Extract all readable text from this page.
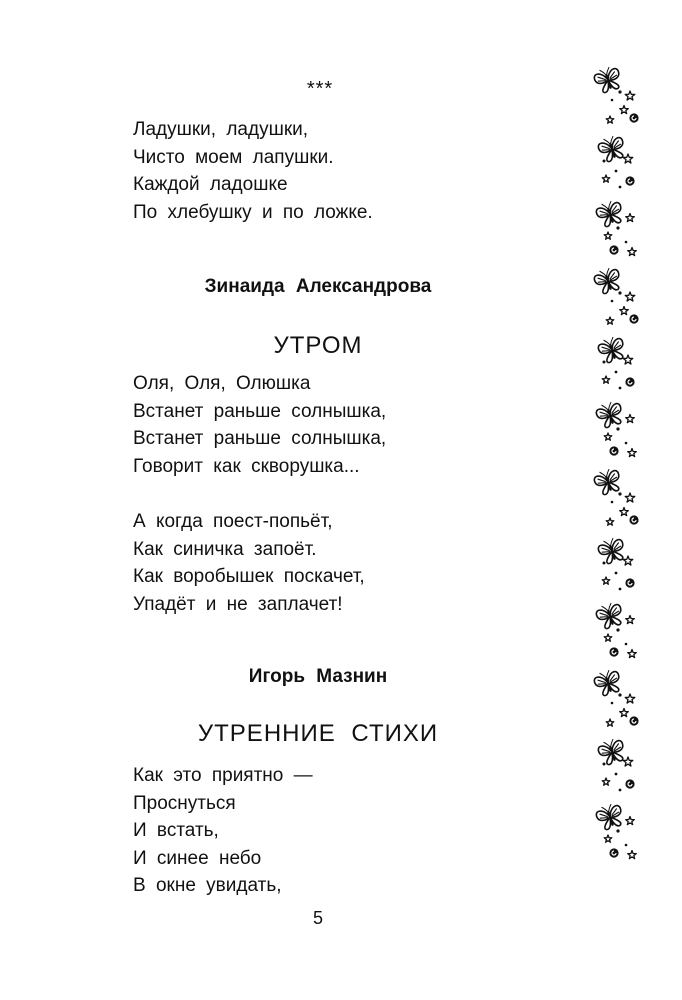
***
Ладушки, ладушки,
Чисто моем лапушки.
Каждой ладошке
По хлебушку и по ложке.
Зинаида Александрова
УТРОМ
Оля, Оля, Олюшка
Встанет раньше солнышка,
Встанет раньше солнышка,
Говорит как скворушка...
А когда поест-попьёт,
Как синичка запоёт.
Как воробышек поскачет,
Упадёт и не заплачет!
Игорь Мазнин
УТРЕННИЕ СТИХИ
Как это приятно —
Проснуться
И встать,
И синее небо
В окне увидать,
5
